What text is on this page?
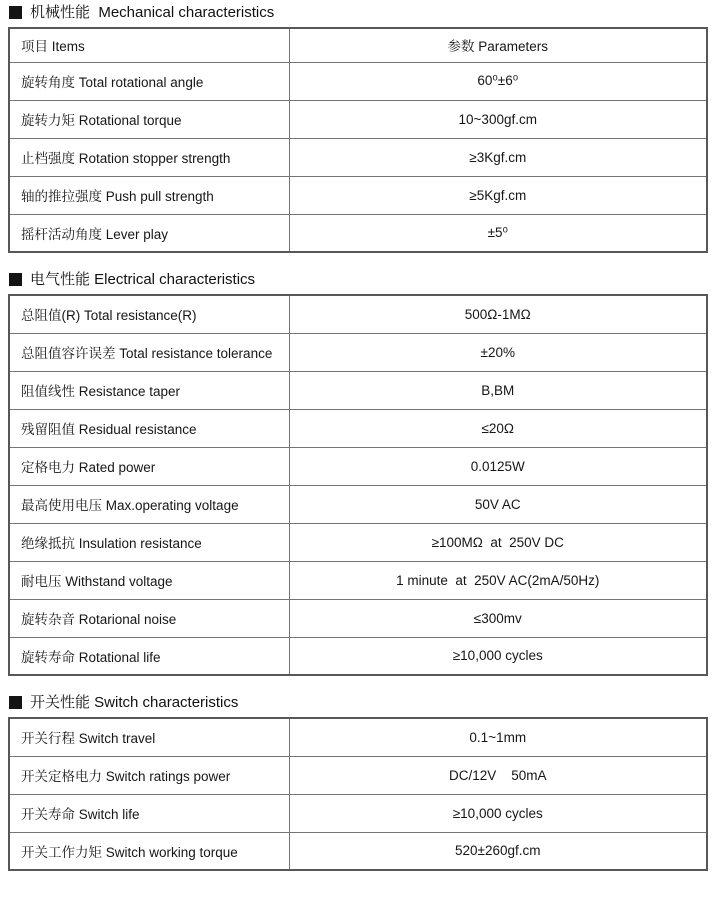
机械性能  Mechanical characteristics
项目 Items	参数 Parameters
旋转角度 Total rotational angle	60⁰±6⁰
旋转力矩 Rotational torque	10~300gf.cm
止档强度 Rotation stopper strength	≥3Kgf.cm
轴的推拉强度 Push pull strength	≥5Kgf.cm
摇杆活动角度 Lever play	±5⁰
电气性能 Electrical characteristics
总阻值(R) Total resistance(R)	500Ω-1MΩ
总阻值容许误差 Total resistance tolerance	±20%
阻值线性 Resistance taper	B,BM
残留阻值 Residual resistance	≤20Ω
定格电力 Rated power	0.0125W
最高使用电压 Max.operating voltage	50V AC
绝缘抵抗 Insulation resistance	≥100MΩ  at  250V DC
耐电压 Withstand voltage	1 minute  at  250V AC(2mA/50Hz)
旋转杂音 Rotarional noise	≤300mv
旋转寿命 Rotational life	≥10,000 cycles
开关性能 Switch characteristics
开关行程 Switch travel	0.1~1mm
开关定格电力 Switch ratings power	DC/12V    50mA
开关寿命 Switch life	≥10,000 cycles
开关工作力矩 Switch working torque	520±260gf.cm
